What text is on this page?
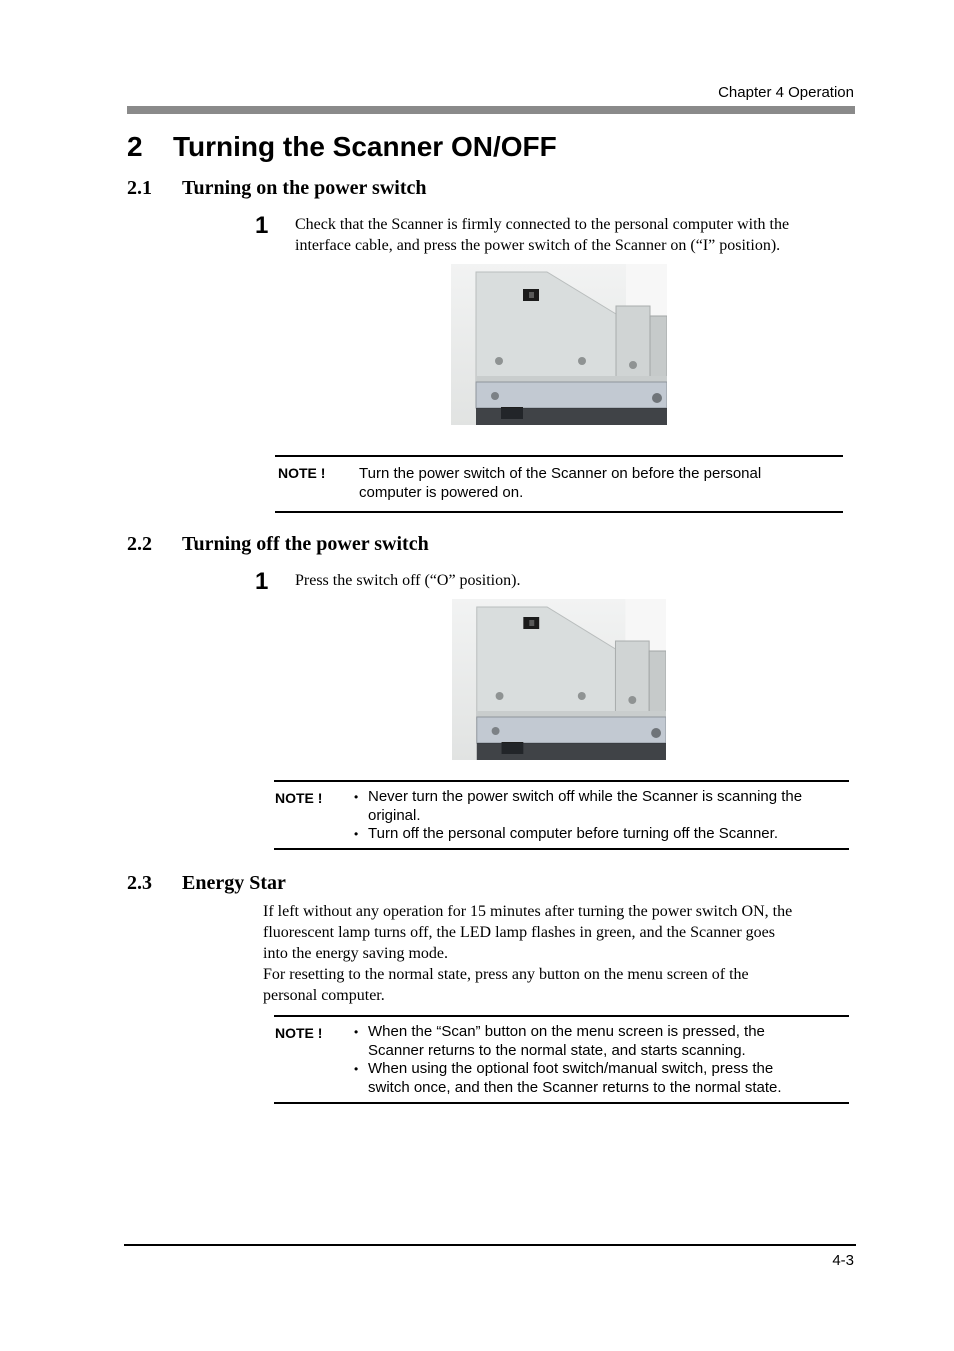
Chapter 4 Operation
2 Turning the Scanner ON/OFF
2.1 Turning on the power switch
1 Check that the Scanner is firmly connected to the personal computer with the
interface cable, and press the power switch of the Scanner on (“I” position).
NOTE ! Turn the power switch of the Scanner on before the personal
computer is powered on.
2.2 Turning off the power switch
1 Press the switch off (“O” position).
NOTE !	• Never turn the power switch off while the Scanner is scanning the
original.
• Turn off the personal computer before turning off the Scanner.
2.3 Energy Star
If left without any operation for 15 minutes after turning the power switch ON, the
fluorescent lamp turns off, the LED lamp flashes in green, and the Scanner goes
into the energy saving mode.
For resetting to the normal state, press any button on the menu screen of the
personal computer.
NOTE !	• When the “Scan” button on the menu screen is pressed, the
Scanner returns to the normal state, and starts scanning.
• When using the optional foot switch/manual switch, press the
switch once, and then the Scanner returns to the normal state.
4-3
